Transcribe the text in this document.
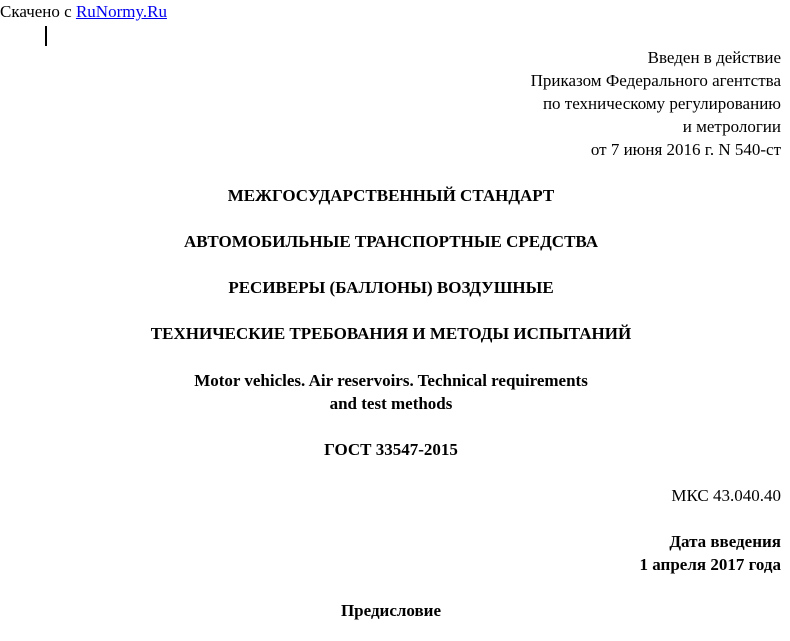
Скачено с RuNormy.Ru
Введен в действие
Приказом Федерального агентства
по техническому регулированию
и метрологии
от 7 июня 2016 г. N 540-ст
МЕЖГОСУДАРСТВЕННЫЙ СТАНДАРТ
АВТОМОБИЛЬНЫЕ ТРАНСПОРТНЫЕ СРЕДСТВА
РЕСИВЕРЫ (БАЛЛОНЫ) ВОЗДУШНЫЕ
ТЕХНИЧЕСКИЕ ТРЕБОВАНИЯ И МЕТОДЫ ИСПЫТАНИЙ
Motor vehicles. Air reservoirs. Technical requirements
and test methods
ГОСТ 33547-2015
МКС 43.040.40
Дата введения
1 апреля 2017 года
Предисловие
